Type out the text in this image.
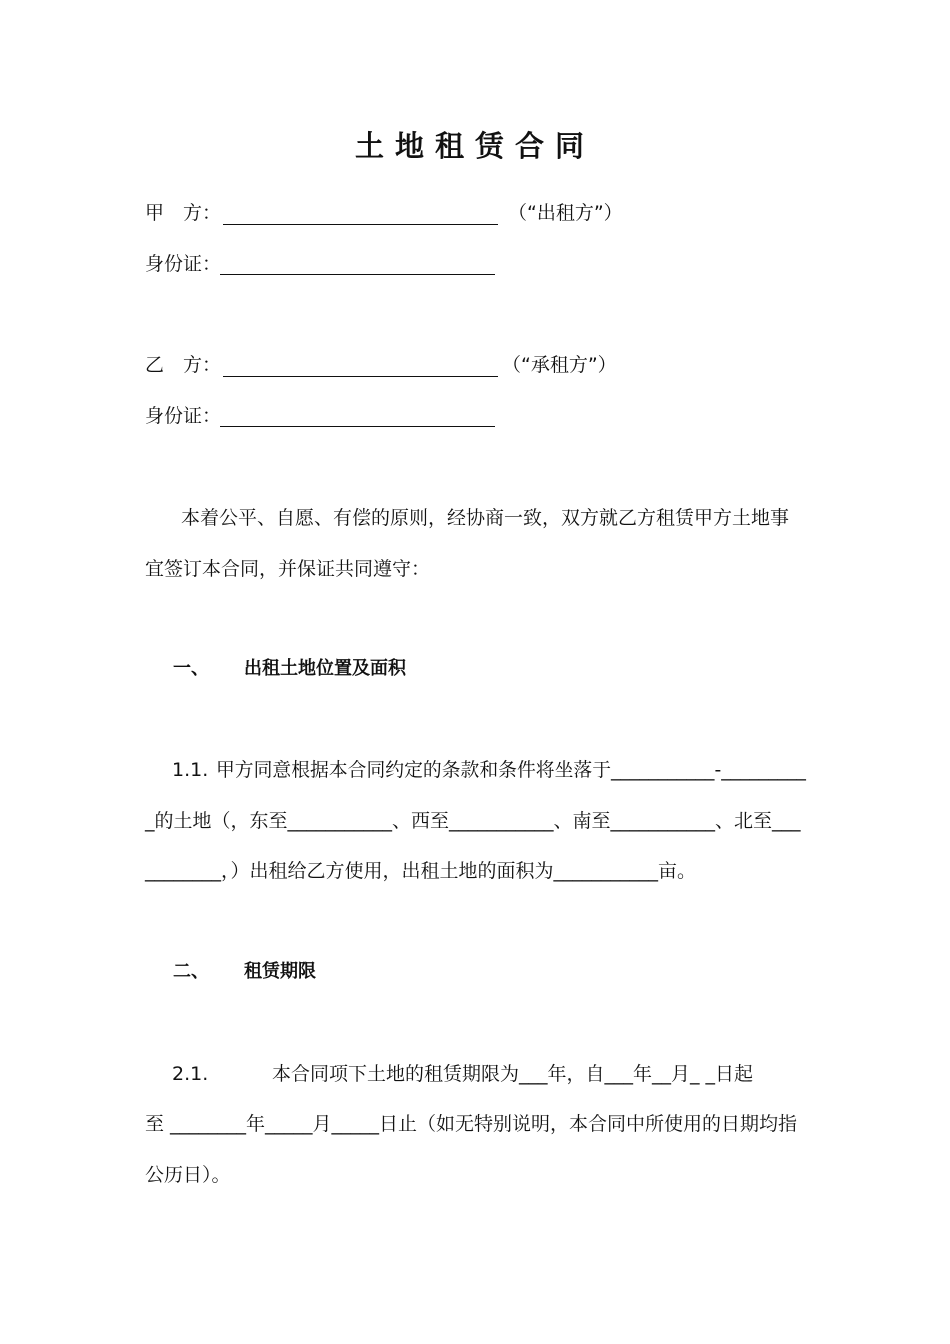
土地租赁合同
甲　方：	（“出租方”）
身份证：
乙　方：	（“承租方”）
身份证：
本着公平、自愿、有偿的原则，经协商一致，双方就乙方租赁甲方土地事
宜签订本合同，并保证共同遵守：
一、 出租土地位置及面积
1.1. 甲方同意根据本合同约定的条款和条件将坐落于___________-_________
_的土地（，东至___________、西至___________、南至___________、北至___
________，）出租给乙方使用，出租土地的面积为___________亩。
二、 租赁期限
2.1.	本合同项下土地的租赁期限为___年，自___年__月_ _日起
至 ________年_____月_____日止（如无特别说明，本合同中所使用的日期均指
公历日）。
